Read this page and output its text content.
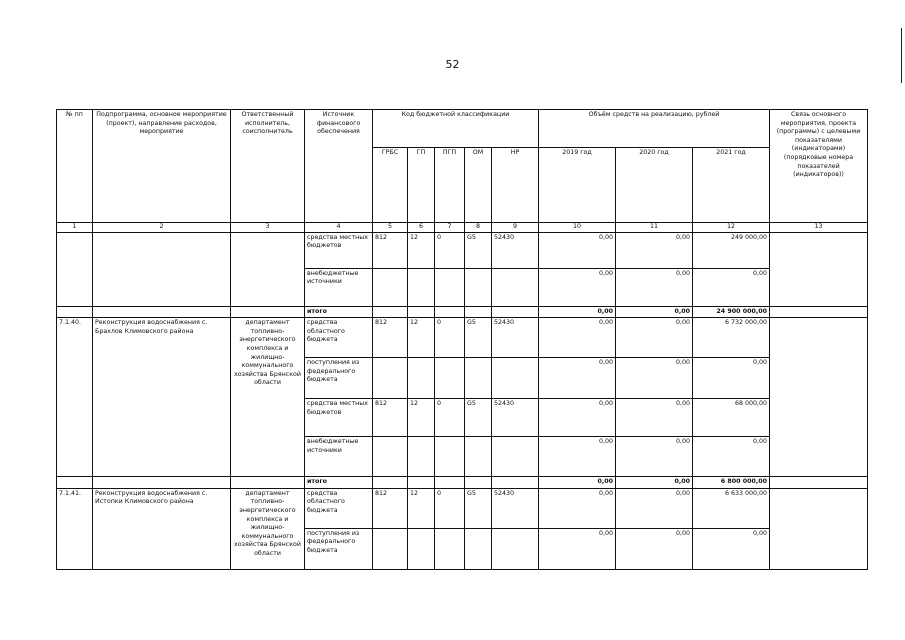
52
№ пп	Подпрограмма, основное мероприятие (проект), направление расходов, мероприятие	Ответственный исполнитель, соисполнитель	Источник финансового обеспечения	Код бюджетной классификации					Объём средств на реализацию, рублей			Связь основного мероприятия, проекта (программы) с целевыми показателями (индикаторами) (порядковые номера показателей (индикаторов))
				ГРБС	ГП	ПГП	ОМ	НР	2019 год	2020 год	2021 год	
1	2	3	4	5	6	7	8	9	10	11	12	13
			средства местных бюджетов	812	12	0	G5	52430	0,00	0,00	249 000,00	
			внебюджетные источники						0,00	0,00	0,00	
			итого						0,00	0,00	24 900 000,00	
7.1.40.	Реконструкция водоснабжения с. Брахлов Климовского района	департамент топливно-энергетического комплекса и жилищно-коммунального хозяйства Брянской области	средства областного бюджета	812	12	0	G5	52430	0,00	0,00	6 732 000,00	
			поступления из федерального бюджета						0,00	0,00	0,00	
			средства местных бюджетов	812	12	0	G5	52430	0,00	0,00	68 000,00	
			внебюджетные источники						0,00	0,00	0,00	
			итого						0,00	0,00	6 800 000,00	
7.1.41.	Реконструкция водоснабжения с. Истопки Климовского района	департамент топливно-энергетического комплекса и жилищно-коммунального хозяйства Брянской области	средства областного бюджета	812	12	0	G5	52430	0,00	0,00	6 633 000,00	
			поступления из федерального бюджета						0,00	0,00	0,00	
